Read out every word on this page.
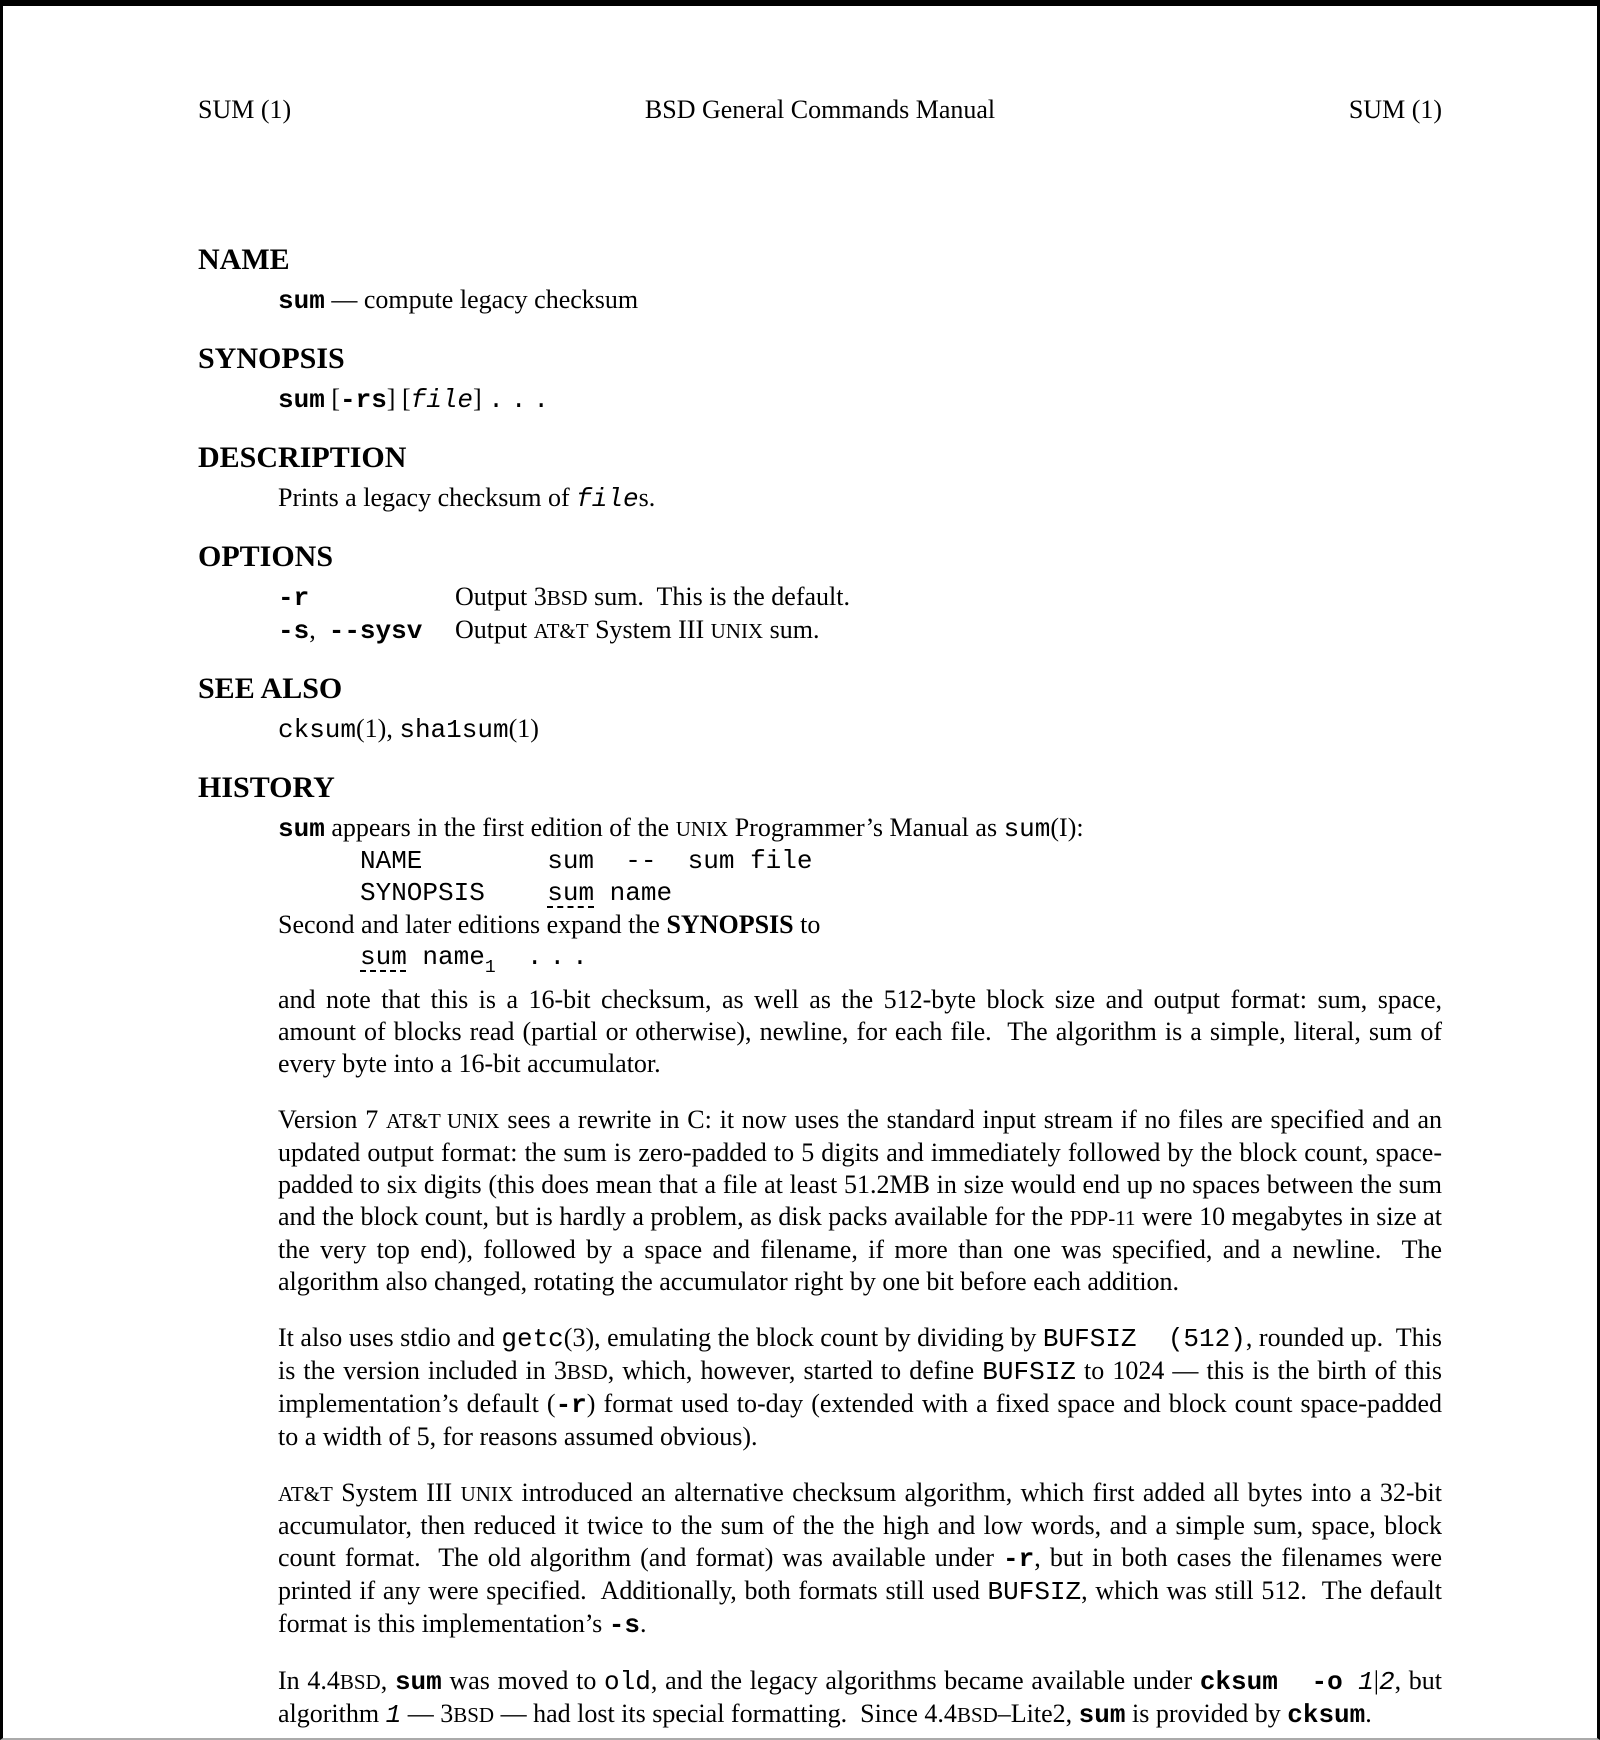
SUM (1)	BSD General Commands Manual	SUM (1)
NAME
sum — compute legacy checksum
SYNOPSIS
sum [-rs] [file] ...
DESCRIPTION
Prints a legacy checksum of files.
OPTIONS
-r	Output 3BSD sum.  This is the default.
-s,  --sysv	Output AT&T System III UNIX sum.
SEE ALSO
cksum(1), sha1sum(1)
HISTORY
sum appears in the first edition of the UNIX Programmer’s Manual as sum(I):
NAME        sum  --  sum file
SYNOPSIS    sum name
Second and later editions expand the SYNOPSIS to
sum name$_1$ ...
and note that this is a 16-bit checksum, as well as the 512-byte block size and output format: sum, space, amount of blocks read (partial or otherwise), newline, for each file.  The algorithm is a simple, literal, sum of every byte into a 16-bit accumulator.
Version 7 AT&T UNIX sees a rewrite in C: it now uses the standard input stream if no files are specified and an updated output format: the sum is zero-padded to 5 digits and immediately followed by the block count, space-padded to six digits (this does mean that a file at least 51.2MB in size would end up no spaces between the sum and the block count, but is hardly a problem, as disk packs available for the PDP-11 were 10 megabytes in size at the very top end), followed by a space and filename, if more than one was specified, and a newline.  The algorithm also changed, rotating the accumulator right by one bit before each addition.
It also uses stdio and getc(3), emulating the block count by dividing by BUFSIZ  (512), rounded up.  This is the version included in 3BSD, which, however, started to define BUFSIZ to 1024 — this is the birth of this implementation’s default (-r) format used to-day (extended with a fixed space and block count space-padded to a width of 5, for reasons assumed obvious).
AT&T System III UNIX introduced an alternative checksum algorithm, which first added all bytes into a 32-bit accumulator, then reduced it twice to the sum of the the high and low words, and a simple sum, space, block count format.  The old algorithm (and format) was available under -r, but in both cases the filenames were printed if any were specified.  Additionally, both formats still used BUFSIZ, which was still 512.  The default format is this implementation’s -s.
In 4.4BSD, sum was moved to old, and the legacy algorithms became available under cksum  -o 1|2, but algorithm 1 — 3BSD — had lost its special formatting.  Since 4.4BSD–Lite2, sum is provided by cksum.
